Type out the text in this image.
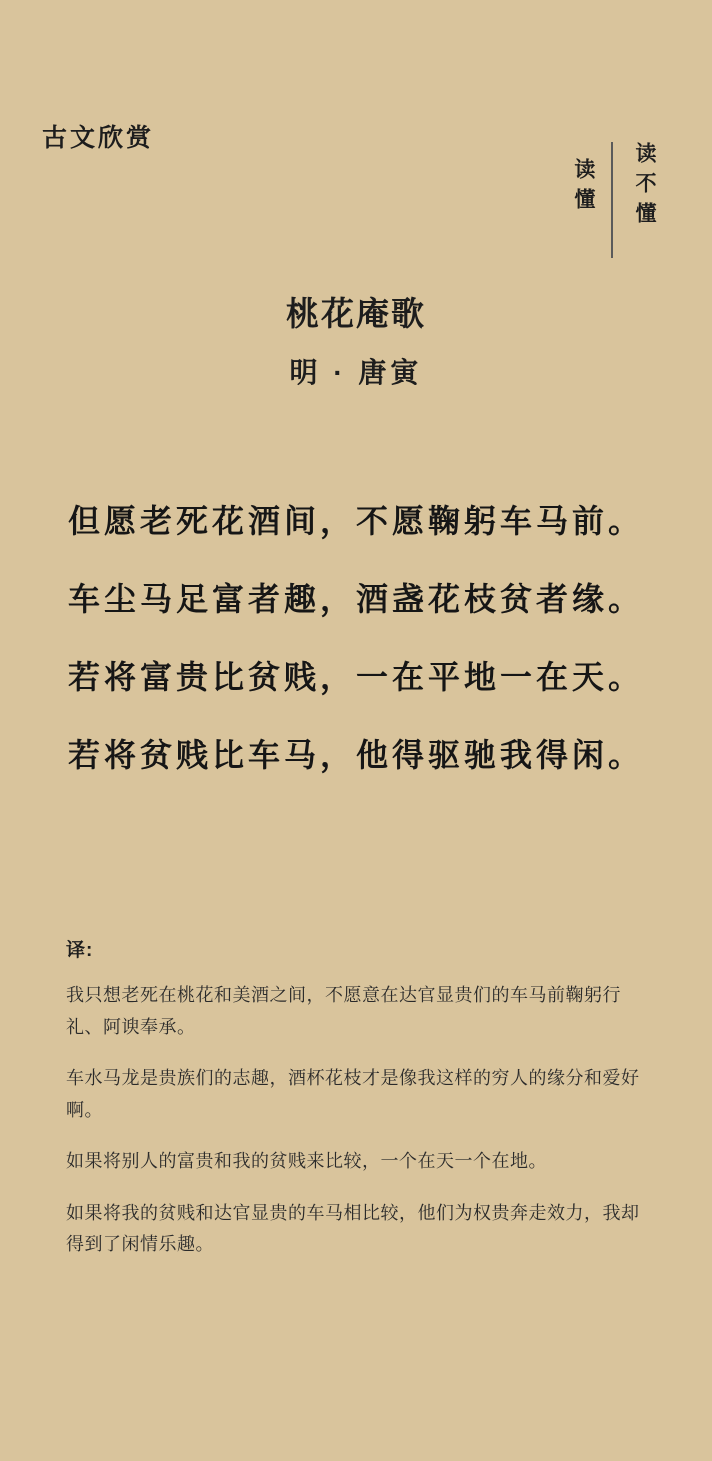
古文欣赏
读懂	读不懂
桃花庵歌
明 · 唐寅
但愿老死花酒间，不愿鞠躬车马前。
车尘马足富者趣，酒盏花枝贫者缘。
若将富贵比贫贱，一在平地一在天。
若将贫贱比车马，他得驱驰我得闲。
译:
我只想老死在桃花和美酒之间，不愿意在达官显贵们的车马前鞠躬行礼、阿谀奉承。
车水马龙是贵族们的志趣，酒杯花枝才是像我这样的穷人的缘分和爱好啊。
如果将别人的富贵和我的贫贱来比较，一个在天一个在地。
如果将我的贫贱和达官显贵的车马相比较，他们为权贵奔走效力，我却得到了闲情乐趣。
